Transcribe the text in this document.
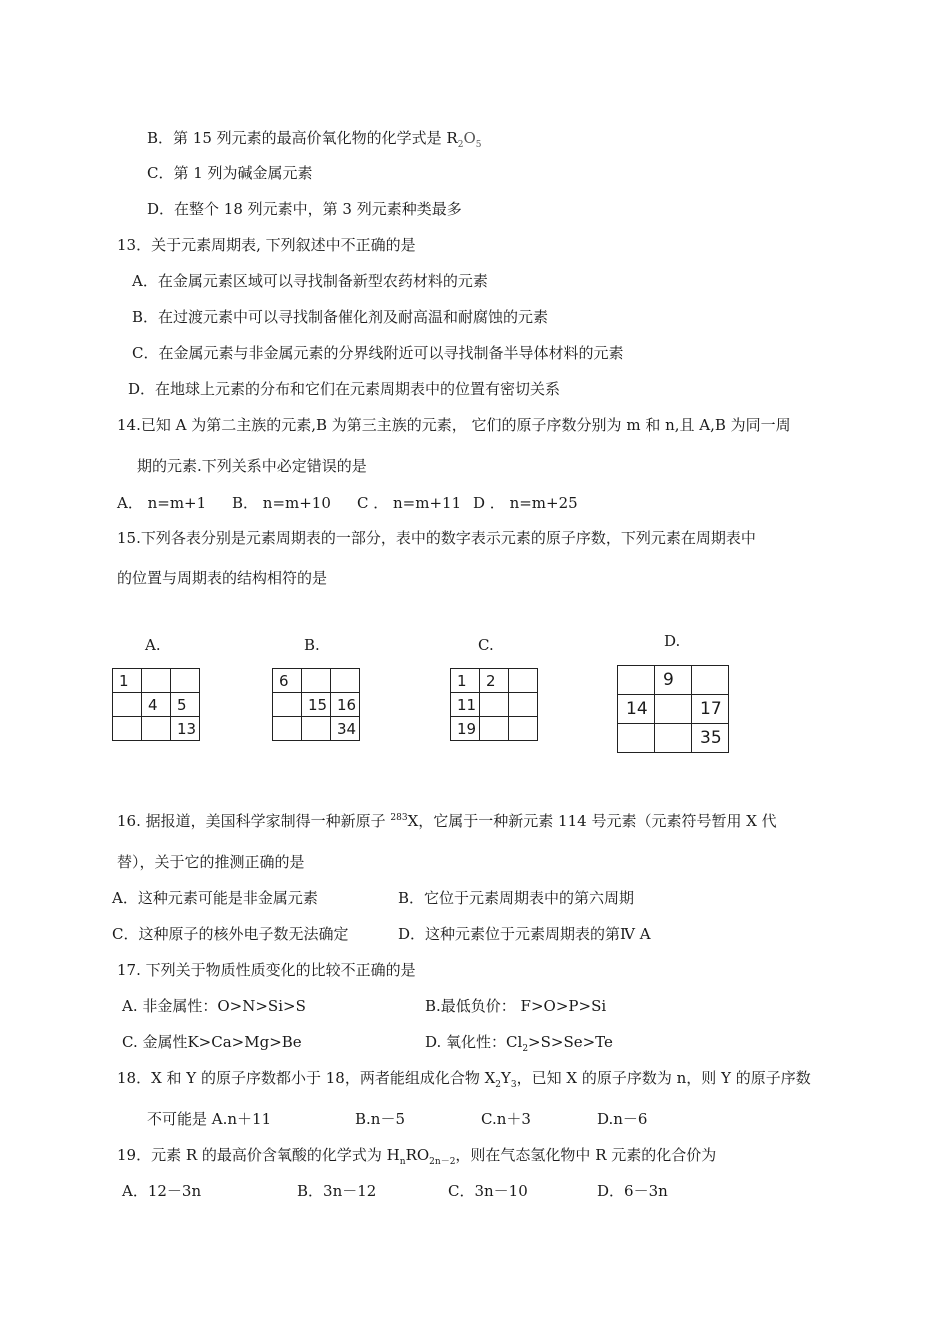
B．第 15 列元素的最高价氧化物的化学式是 $R_2O_5$
C．第 1 列为碱金属元素
D．在整个 18 列元素中，第 3 列元素种类最多
13．关于元素周期表, 下列叙述中不正确的是
A．在金属元素区域可以寻找制备新型农药材料的元素
B．在过渡元素中可以寻找制备催化剂及耐高温和耐腐蚀的元素
C．在金属元素与非金属元素的分界线附近可以寻找制备半导体材料的元素
D．在地球上元素的分布和它们在元素周期表中的位置有密切关系
14.已知 A 为第二主族的元素,B 为第三主族的元素， 它们的原子序数分别为 m 和 n,且 A,B 为同一周
期的元素.下列关系中必定错误的是
A． n=m+1 B． n=m+10 C ． n=m+11 D ． n=m+25
15.下列各表分别是元素周期表的一部分，表中的数字表示元素的原子序数，下列元素在周期表中
的位置与周期表的结构相符的是
A.	B.	C.	D.
1		
	4	5
		13
6		
	15	16
		34
1	2	
11		
19		
	9	
14		17
		35
16. 据报道，美国科学家制得一种新原子 $^{283}$X，它属于一种新元素 114 号元素（元素符号暂用 X 代
替），关于它的推测正确的是
A．这种元素可能是非金属元素	B．它位于元素周期表中的第六周期
C．这种原子的核外电子数无法确定	D．这种元素位于元素周期表的第Ⅳ A
17. 下列关于物质性质变化的比较不正确的是
A. 非金属性：O>N>Si>S	B.最低负价： F>O>P>Si
C. 金属性K>Ca>Mg>Be	D. 氧化性：$Cl_2>S>Se>Te$
18．X 和 Y 的原子序数都小于 18，两者能组成化合物 $X_2Y_3$，已知 X 的原子序数为 n，则 Y 的原子序数
不可能是 A.n＋11	B.n－5	C.n＋3	D.n－6
19．元素 R 的最高价含氧酸的化学式为 $H_nRO_{2n-2}$，则在气态氢化物中 R 元素的化合价为
A．12－3n	B．3n－12	C．3n－10	D．6－3n
